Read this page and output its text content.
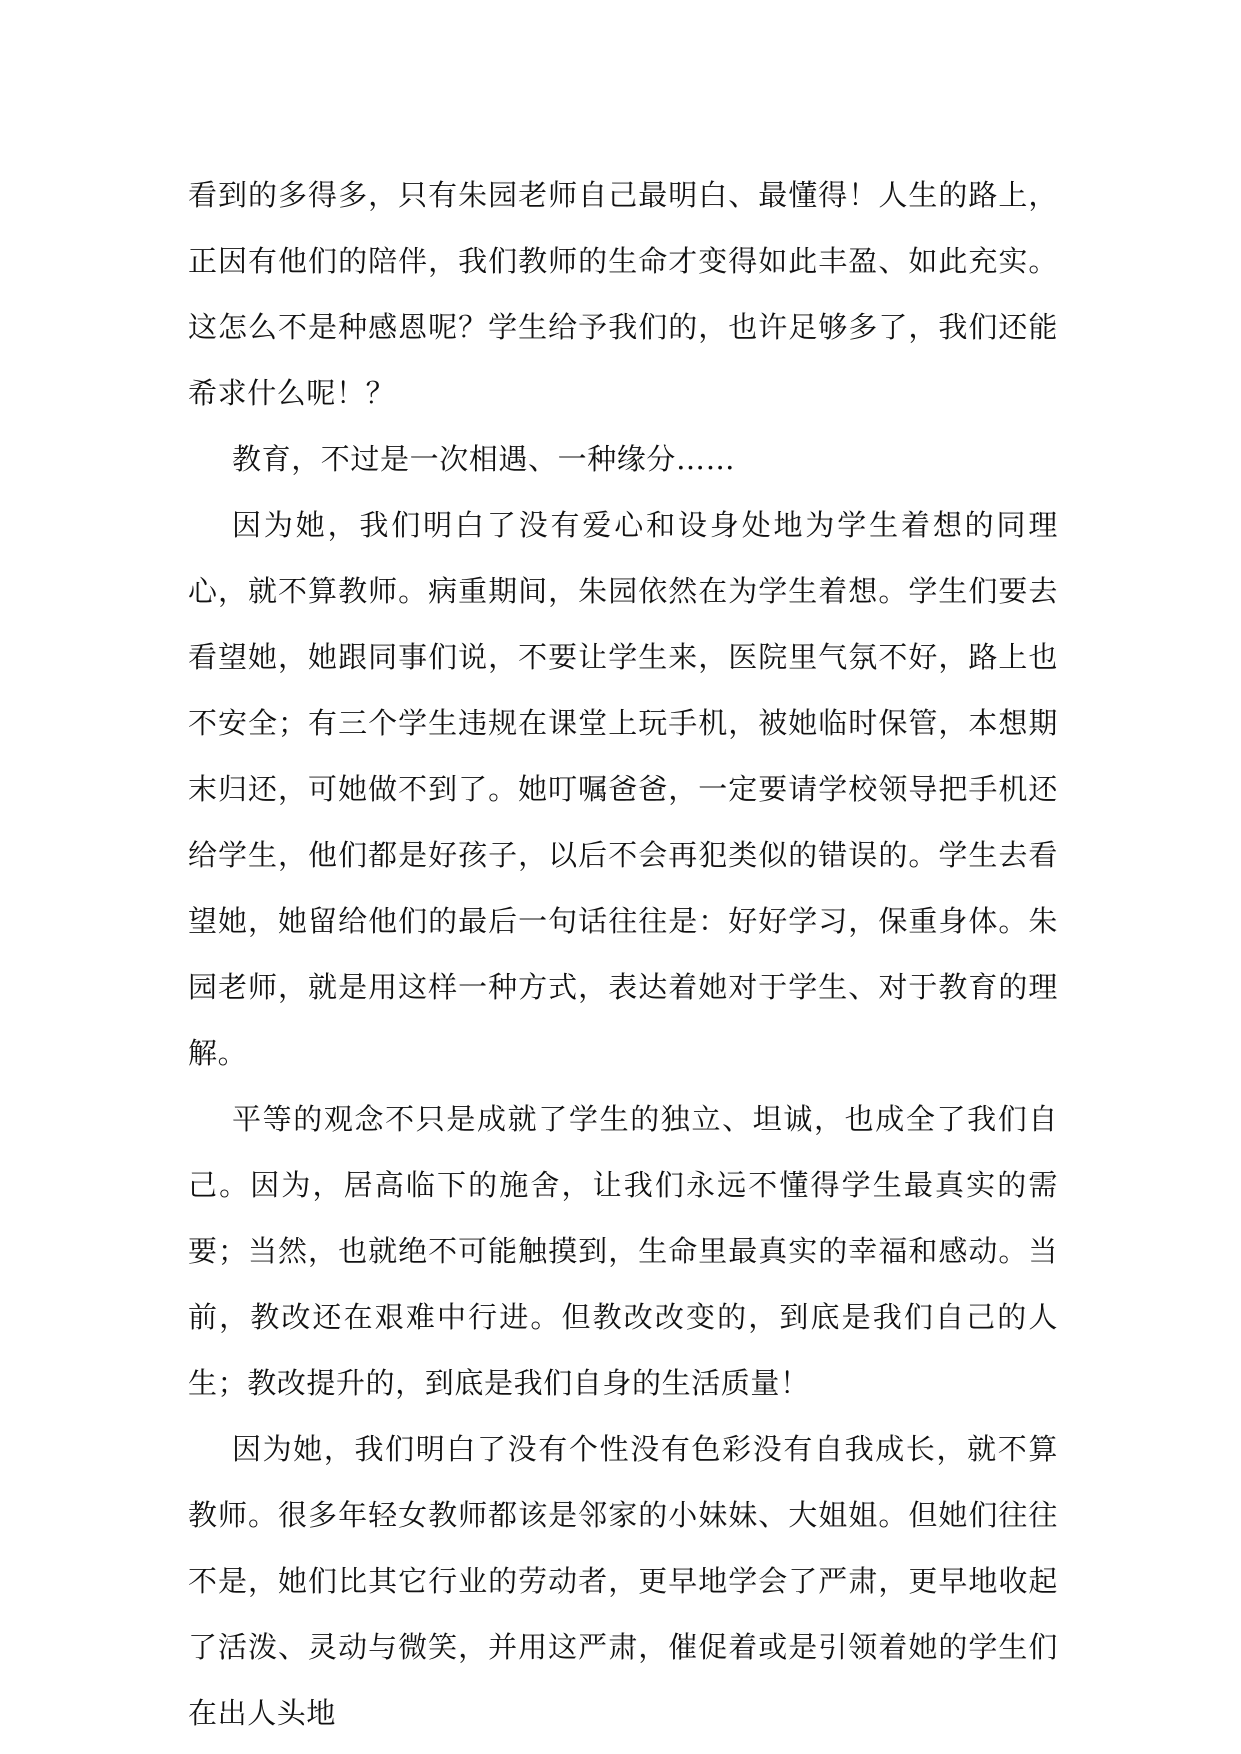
看到的多得多，只有朱园老师自己最明白、最懂得！人生的路上，正因有他们的陪伴，我们教师的生命才变得如此丰盈、如此充实。这怎么不是种感恩呢？学生给予我们的，也许足够多了，我们还能希求什么呢！？

教育，不过是一次相遇、一种缘分……

因为她，我们明白了没有爱心和设身处地为学生着想的同理心，就不算教师。病重期间，朱园依然在为学生着想。学生们要去看望她，她跟同事们说，不要让学生来，医院里气氛不好，路上也不安全；有三个学生违规在课堂上玩手机，被她临时保管，本想期末归还，可她做不到了。她叮嘱爸爸，一定要请学校领导把手机还给学生，他们都是好孩子，以后不会再犯类似的错误的。学生去看望她，她留给他们的最后一句话往往是：好好学习，保重身体。朱园老师，就是用这样一种方式，表达着她对于学生、对于教育的理解。

平等的观念不只是成就了学生的独立、坦诚，也成全了我们自己。因为，居高临下的施舍，让我们永远不懂得学生最真实的需要；当然，也就绝不可能触摸到，生命里最真实的幸福和感动。当前，教改还在艰难中行进。但教改改变的，到底是我们自己的人生；教改提升的，到底是我们自身的生活质量！

因为她，我们明白了没有个性没有色彩没有自我成长，就不算教师。很多年轻女教师都该是邻家的小妹妹、大姐姐。但她们往往不是，她们比其它行业的劳动者，更早地学会了严肃，更早地收起了活泼、灵动与微笑，并用这严肃，催促着或是引领着她的学生们在出人头地
